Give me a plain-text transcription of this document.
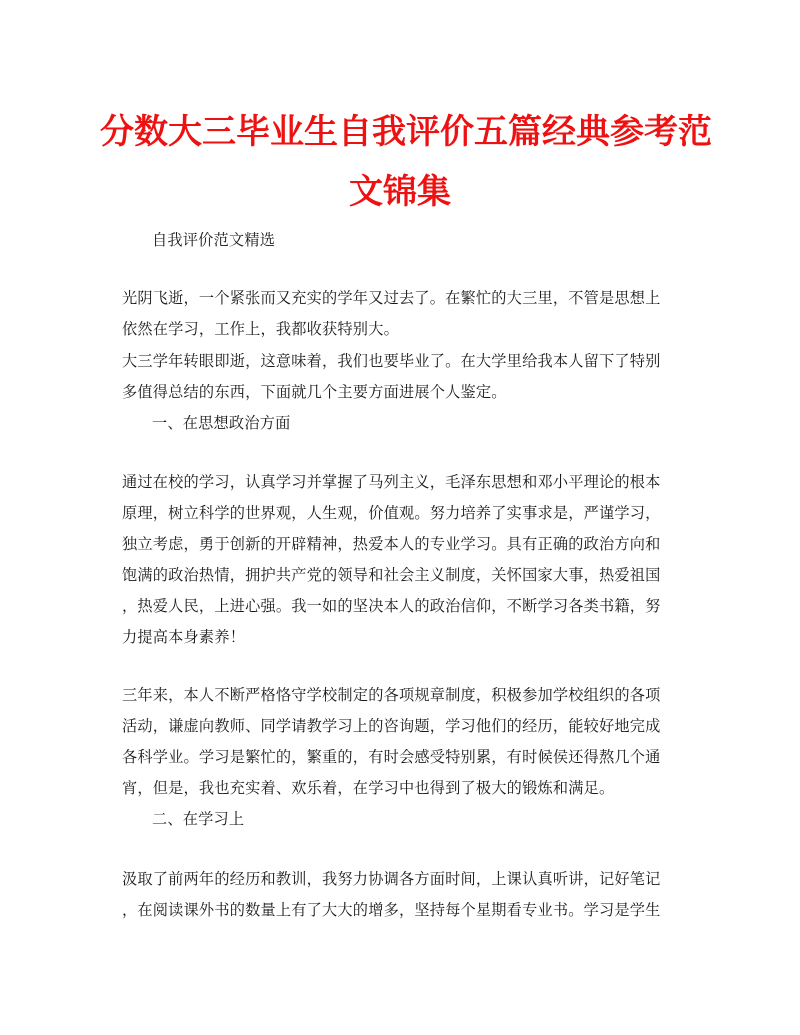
分数大三毕业生自我评价五篇经典参考范
文锦集
自我评价范文精选
光阴飞逝，一个紧张而又充实的学年又过去了。在繁忙的大三里，不管是思想上
依然在学习，工作上，我都收获特别大。
大三学年转眼即逝，这意味着，我们也要毕业了。在大学里给我本人留下了特别
多值得总结的东西，下面就几个主要方面进展个人鉴定。
一、在思想政治方面
通过在校的学习，认真学习并掌握了马列主义，毛泽东思想和邓小平理论的根本
原理，树立科学的世界观，人生观，价值观。努力培养了实事求是，严谨学习，
独立考虑，勇于创新的开辟精神，热爱本人的专业学习。具有正确的政治方向和
饱满的政治热情，拥护共产党的领导和社会主义制度，关怀国家大事，热爱祖国
，热爱人民，上进心强。我一如的坚决本人的政治信仰，不断学习各类书籍，努
力提高本身素养！
三年来，本人不断严格恪守学校制定的各项规章制度，积极参加学校组织的各项
活动，谦虚向教师、同学请教学习上的咨询题，学习他们的经历，能较好地完成
各科学业。学习是繁忙的，繁重的，有时会感受特别累，有时候侯还得熬几个通
宵，但是，我也充实着、欢乐着，在学习中也得到了极大的锻炼和满足。
二、在学习上
汲取了前两年的经历和教训，我努力协调各方面时间，上课认真听讲，记好笔记
，在阅读课外书的数量上有了大大的增多，坚持每个星期看专业书。学习是学生
